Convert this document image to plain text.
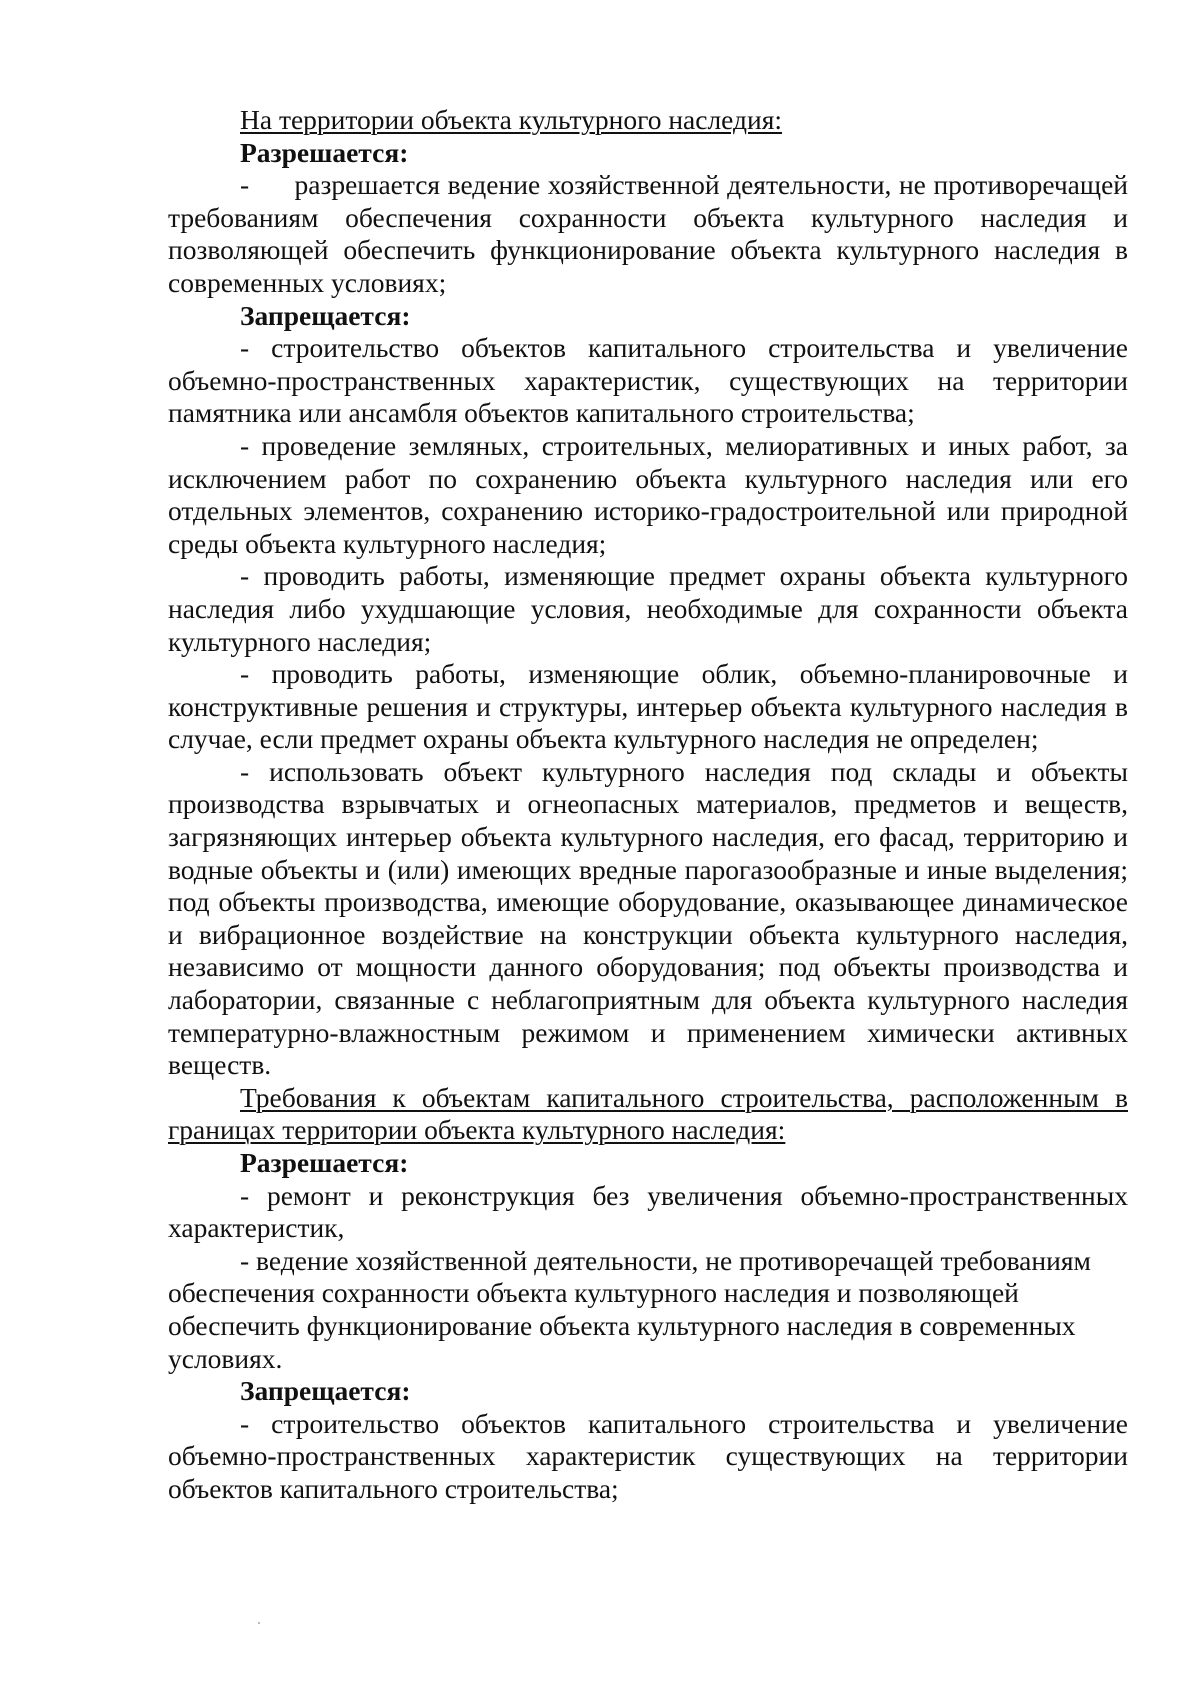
На территории объекта культурного наследия:

Разрешается:

-      разрешается ведение хозяйственной деятельности, не противоречащей требованиям обеспечения сохранности объекта культурного наследия и позволяющей обеспечить функционирование объекта культурного наследия в современных условиях;

Запрещается:

- строительство объектов капитального строительства и увеличение объемно-пространственных характеристик, существующих на территории памятника или ансамбля объектов капитального строительства;

- проведение земляных, строительных, мелиоративных и иных работ, за исключением работ по сохранению объекта культурного наследия или его отдельных элементов, сохранению историко-градостроительной или природной среды объекта культурного наследия;

- проводить работы, изменяющие предмет охраны объекта культурного наследия либо ухудшающие условия, необходимые для сохранности объекта культурного наследия;

- проводить работы, изменяющие облик, объемно-планировочные и конструктивные решения и структуры, интерьер объекта культурного наследия в случае, если предмет охраны объекта культурного наследия не определен;

- использовать объект культурного наследия под склады и объекты производства взрывчатых и огнеопасных материалов, предметов и веществ, загрязняющих интерьер объекта культурного наследия, его фасад, территорию и водные объекты и (или) имеющих вредные парогазообразные и иные выделения; под объекты производства, имеющие оборудование, оказывающее динамическое и вибрационное воздействие на конструкции объекта культурного наследия, независимо от мощности данного оборудования; под объекты производства и лаборатории, связанные с неблагоприятным для объекта культурного наследия температурно-влажностным режимом и применением химически активных веществ.

Требования к объектам капитального строительства, расположенным в границах территории объекта культурного наследия:

Разрешается:

- ремонт и реконструкция без увеличения объемно-пространственных характеристик,

- ведение хозяйственной деятельности, не противоречащей требованиям обеспечения сохранности объекта культурного наследия и позволяющей обеспечить функционирование объекта культурного наследия в современных условиях.

Запрещается:

- строительство объектов капитального строительства и увеличение объемно-пространственных характеристик существующих на территории объектов капитального строительства;
